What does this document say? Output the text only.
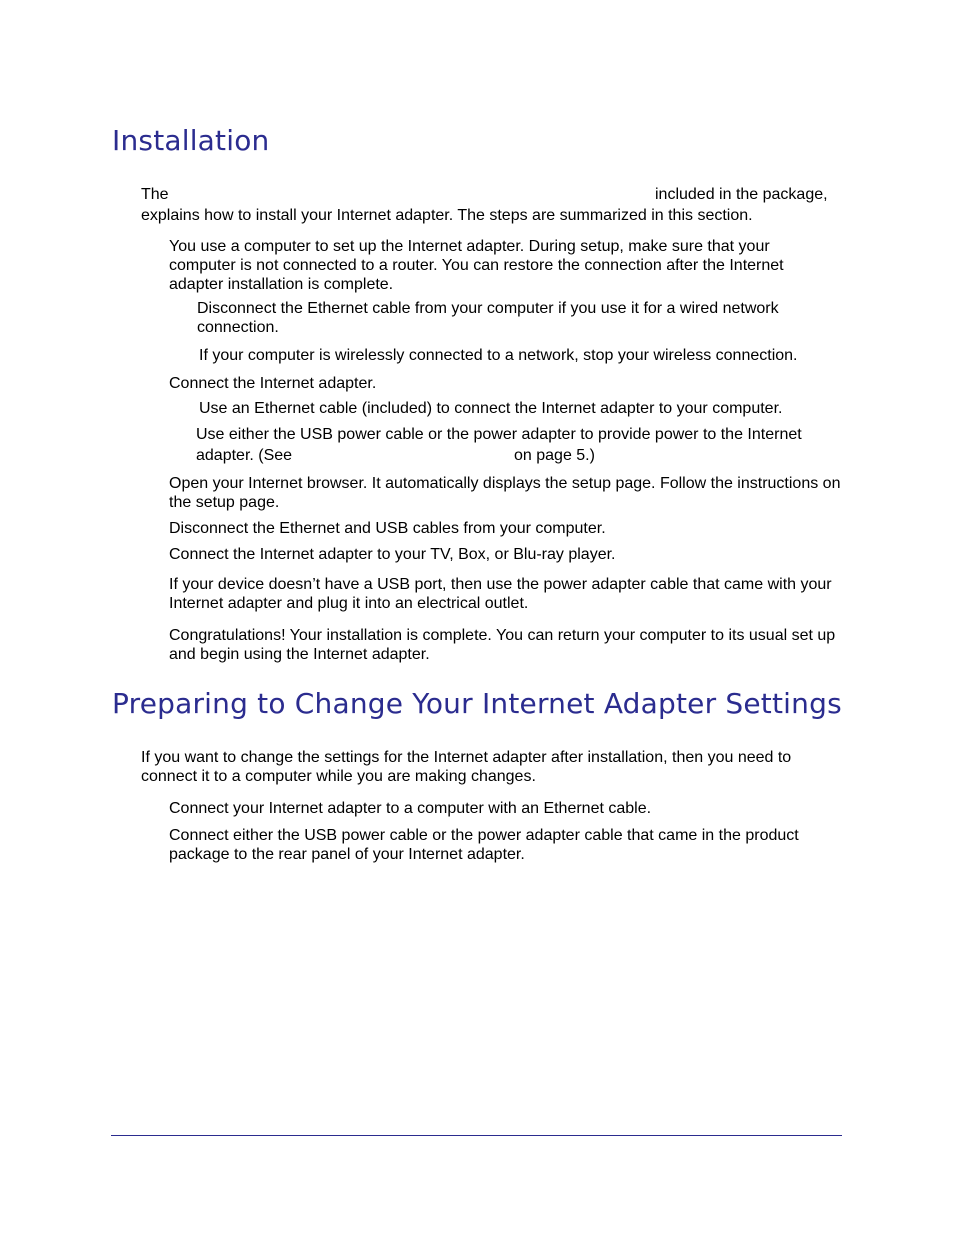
Installation
The	included in the package,
explains how to install your Internet adapter. The steps are summarized in this section.
You use a computer to set up the Internet adapter. During setup, make sure that your computer is not connected to a router. You can restore the connection after the Internet adapter installation is complete.
Disconnect the Ethernet cable from your computer if you use it for a wired network connection.
If your computer is wirelessly connected to a network, stop your wireless connection.
Connect the Internet adapter.
Use an Ethernet cable (included) to connect the Internet adapter to your computer.
Use either the USB power cable or the power adapter to provide power to the Internet
adapter. (See	on page 5.)
Open your Internet browser. It automatically displays the setup page. Follow the instructions on the setup page.
Disconnect the Ethernet and USB cables from your computer.
Connect the Internet adapter to your TV, Box, or Blu-ray player.
If your device doesn’t have a USB port, then use the power adapter cable that came with your Internet adapter and plug it into an electrical outlet.
Congratulations! Your installation is complete. You can return your computer to its usual set up and begin using the Internet adapter.
Preparing to Change Your Internet Adapter Settings
If you want to change the settings for the Internet adapter after installation, then you need to connect it to a computer while you are making changes.
Connect your Internet adapter to a computer with an Ethernet cable.
Connect either the USB power cable or the power adapter cable that came in the product package to the rear panel of your Internet adapter.
